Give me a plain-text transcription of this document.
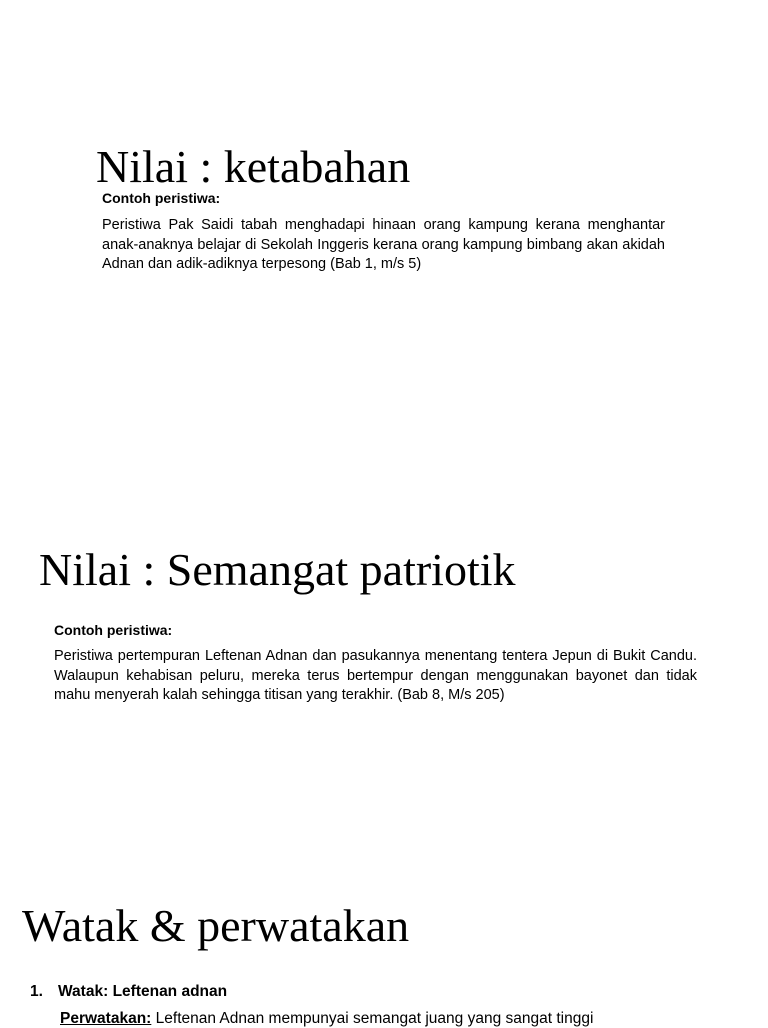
Nilai : ketabahan

Contoh peristiwa:

Peristiwa Pak Saidi tabah menghadapi hinaan orang kampung kerana menghantar anak-anaknya belajar di Sekolah Inggeris kerana orang kampung bimbang akan akidah Adnan dan adik-adiknya terpesong (Bab 1, m/s 5)

Nilai : Semangat patriotik

Contoh peristiwa:

Peristiwa pertempuran Leftenan Adnan dan pasukannya menentang tentera Jepun di Bukit Candu. Walaupun kehabisan peluru, mereka terus bertempur dengan menggunakan bayonet dan tidak mahu menyerah kalah sehingga titisan yang terakhir. (Bab 8, M/s 205)

Watak & perwatakan
1. Watak: Leftenan adnan
Perwatakan: Leftenan Adnan mempunyai semangat juang yang sangat tinggi
